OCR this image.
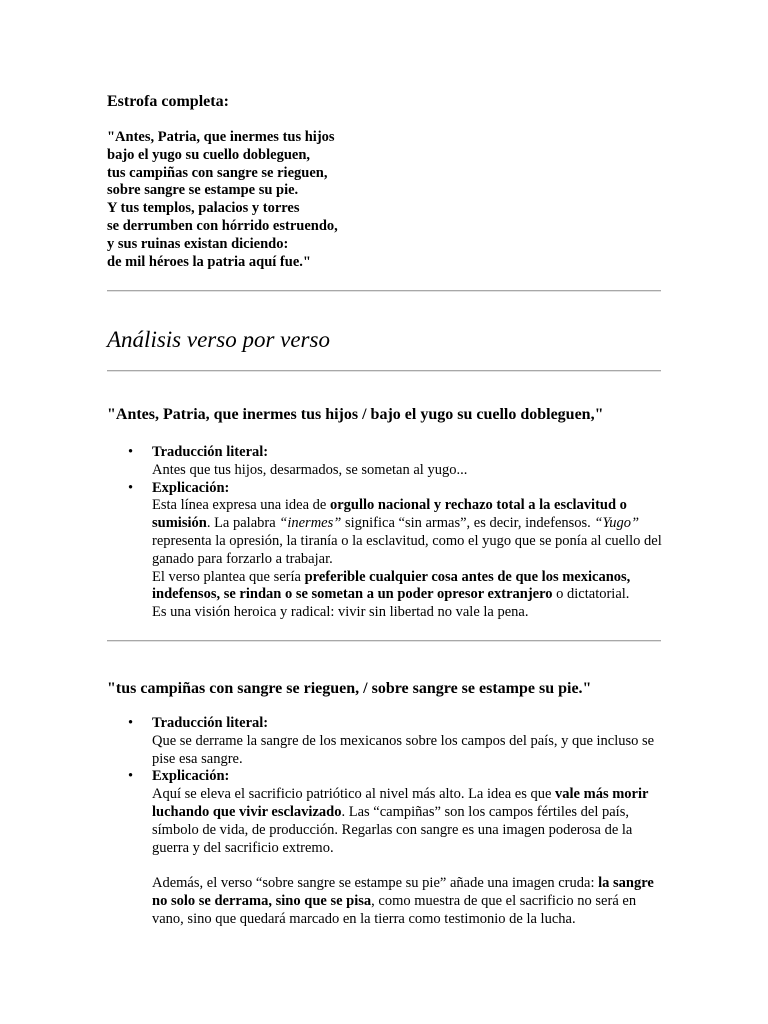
Estrofa completa:
"Antes, Patria, que inermes tus hijos
bajo el yugo su cuello dobleguen,
tus campiñas con sangre se rieguen,
sobre sangre se estampe su pie.
Y tus templos, palacios y torres
se derrumben con hórrido estruendo,
y sus ruinas existan diciendo:
de mil héroes la patria aquí fue."
Análisis verso por verso
"Antes, Patria, que inermes tus hijos / bajo el yugo su cuello dobleguen,"
• Traducción literal:
Antes que tus hijos, desarmados, se sometan al yugo...
• Explicación:
Esta línea expresa una idea de orgullo nacional y rechazo total a la esclavitud o sumisión. La palabra “inermes” significa “sin armas”, es decir, indefensos. “Yugo” representa la opresión, la tiranía o la esclavitud, como el yugo que se ponía al cuello del ganado para forzarlo a trabajar.
El verso plantea que sería preferible cualquier cosa antes de que los mexicanos, indefensos, se rindan o se sometan a un poder opresor extranjero o dictatorial.
Es una visión heroica y radical: vivir sin libertad no vale la pena.
"tus campiñas con sangre se rieguen, / sobre sangre se estampe su pie."
• Traducción literal:
Que se derrame la sangre de los mexicanos sobre los campos del país, y que incluso se pise esa sangre.
• Explicación:
Aquí se eleva el sacrificio patriótico al nivel más alto. La idea es que vale más morir luchando que vivir esclavizado. Las “campiñas” son los campos fértiles del país, símbolo de vida, de producción. Regarlas con sangre es una imagen poderosa de la guerra y del sacrificio extremo.
Además, el verso “sobre sangre se estampe su pie” añade una imagen cruda: la sangre no solo se derrama, sino que se pisa, como muestra de que el sacrificio no será en vano, sino que quedará marcado en la tierra como testimonio de la lucha.
